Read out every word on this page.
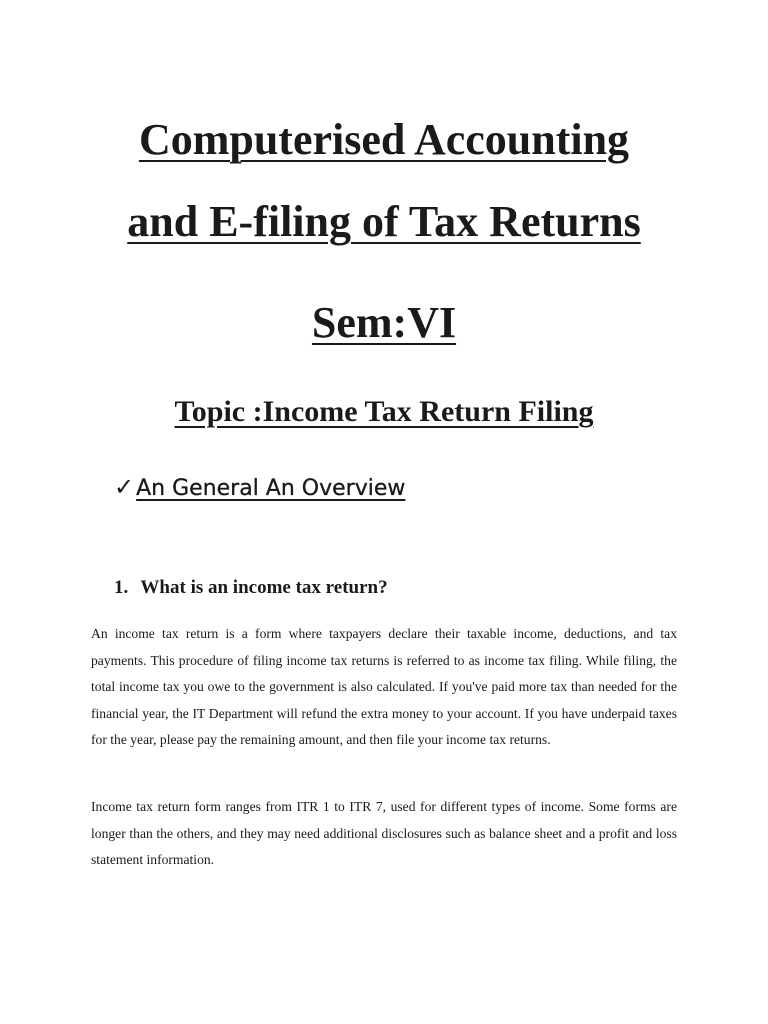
Computerised Accounting
and E-filing of Tax Returns
Sem:VI
Topic :Income Tax Return Filing
✓An General An Overview
1. What is an income tax return?

An income tax return is a form where taxpayers declare their taxable income, deductions, and tax payments. This procedure of filing income tax returns is referred to as income tax filing. While filing, the total income tax you owe to the government is also calculated. If you've paid more tax than needed for the financial year, the IT Department will refund the extra money to your account. If you have underpaid taxes for the year, please pay the remaining amount, and then file your income tax returns.

Income tax return form ranges from ITR 1 to ITR 7, used for different types of income. Some forms are longer than the others, and they may need additional disclosures such as balance sheet and a profit and loss statement information.
